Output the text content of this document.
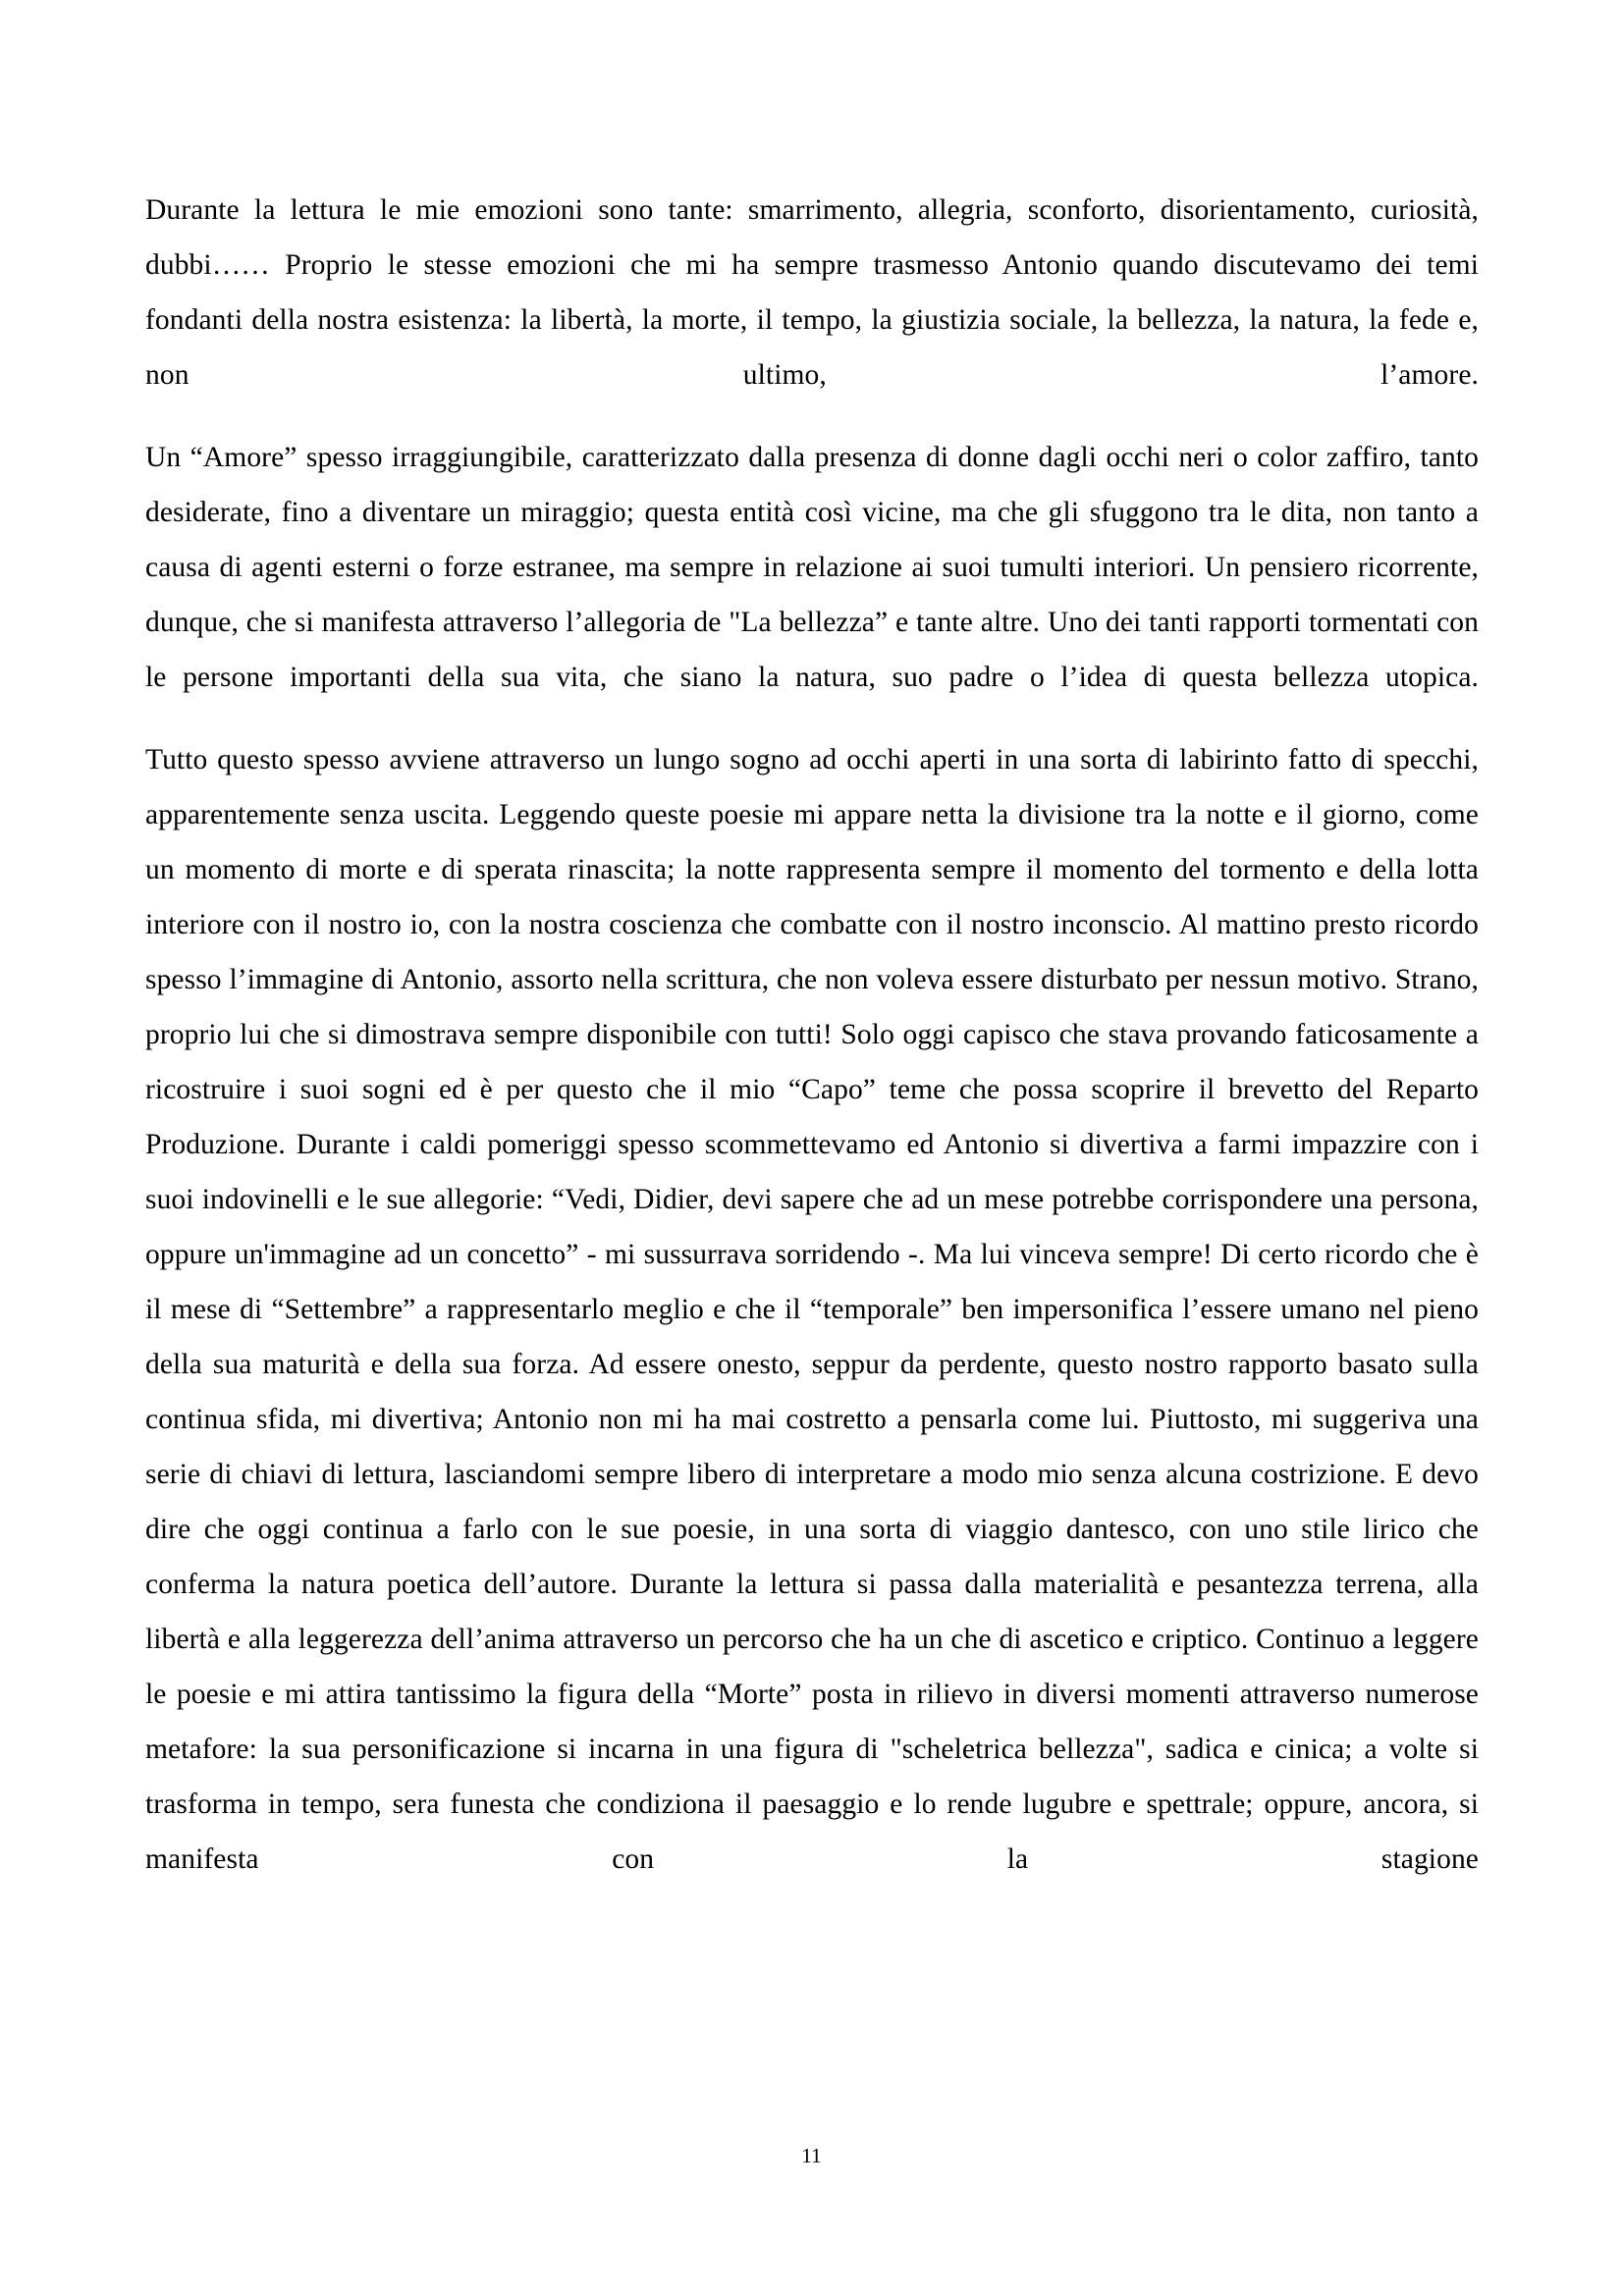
Durante la lettura le mie emozioni sono tante: smarrimento, allegria, sconforto, disorientamento, curiosità, dubbi…… Proprio le stesse emozioni che mi ha sempre trasmesso Antonio quando discutevamo dei temi fondanti della nostra esistenza: la libertà, la morte, il tempo, la giustizia sociale, la bellezza, la natura, la fede e, non ultimo, l’amore.

Un “Amore” spesso irraggiungibile, caratterizzato dalla presenza di donne dagli occhi neri o color zaffiro, tanto desiderate, fino a diventare un miraggio; questa entità così vicine, ma che gli sfuggono tra le dita, non tanto a causa di agenti esterni o forze estranee, ma sempre in relazione ai suoi tumulti interiori. Un pensiero ricorrente, dunque, che si manifesta attraverso l’allegoria de "La bellezza” e tante altre. Uno dei tanti rapporti tormentati con le persone importanti della sua vita, che siano la natura, suo padre o l’idea di questa bellezza utopica.

Tutto questo spesso avviene attraverso un lungo sogno ad occhi aperti in una sorta di labirinto fatto di specchi, apparentemente senza uscita. Leggendo queste poesie mi appare netta la divisione tra la notte e il giorno, come un momento di morte e di sperata rinascita; la notte rappresenta sempre il momento del tormento e della lotta interiore con il nostro io, con la nostra coscienza che combatte con il nostro inconscio. Al mattino presto ricordo spesso l’immagine di Antonio, assorto nella scrittura, che non voleva essere disturbato per nessun motivo. Strano, proprio lui che si dimostrava sempre disponibile con tutti! Solo oggi capisco che stava provando faticosamente a ricostruire i suoi sogni ed è per questo che il mio “Capo” teme che possa scoprire il brevetto del Reparto Produzione. Durante i caldi pomeriggi spesso scommettevamo ed Antonio si divertiva a farmi impazzire con i suoi indovinelli e le sue allegorie: “Vedi, Didier, devi sapere che ad un mese potrebbe corrispondere una persona, oppure un'immagine ad un concetto” - mi sussurrava sorridendo -. Ma lui vinceva sempre! Di certo ricordo che è il mese di “Settembre” a rappresentarlo meglio e che il “temporale” ben impersonifica l’essere umano nel pieno della sua maturità e della sua forza. Ad essere onesto, seppur da perdente, questo nostro rapporto basato sulla continua sfida, mi divertiva; Antonio non mi ha mai costretto a pensarla come lui. Piuttosto, mi suggeriva una serie di chiavi di lettura, lasciandomi sempre libero di interpretare a modo mio senza alcuna costrizione. E devo dire che oggi continua a farlo con le sue poesie, in una sorta di viaggio dantesco, con uno stile lirico che conferma la natura poetica dell’autore. Durante la lettura si passa dalla materialità e pesantezza terrena, alla libertà e alla leggerezza dell’anima attraverso un percorso che ha un che di ascetico e criptico. Continuo a leggere le poesie e mi attira tantissimo la figura della “Morte” posta in rilievo in diversi momenti attraverso numerose metafore: la sua personificazione si incarna in una figura di "scheletrica bellezza", sadica e cinica; a volte si trasforma in tempo, sera funesta che condiziona il paesaggio e lo rende lugubre e spettrale; oppure, ancora, si manifesta con la stagione

11
